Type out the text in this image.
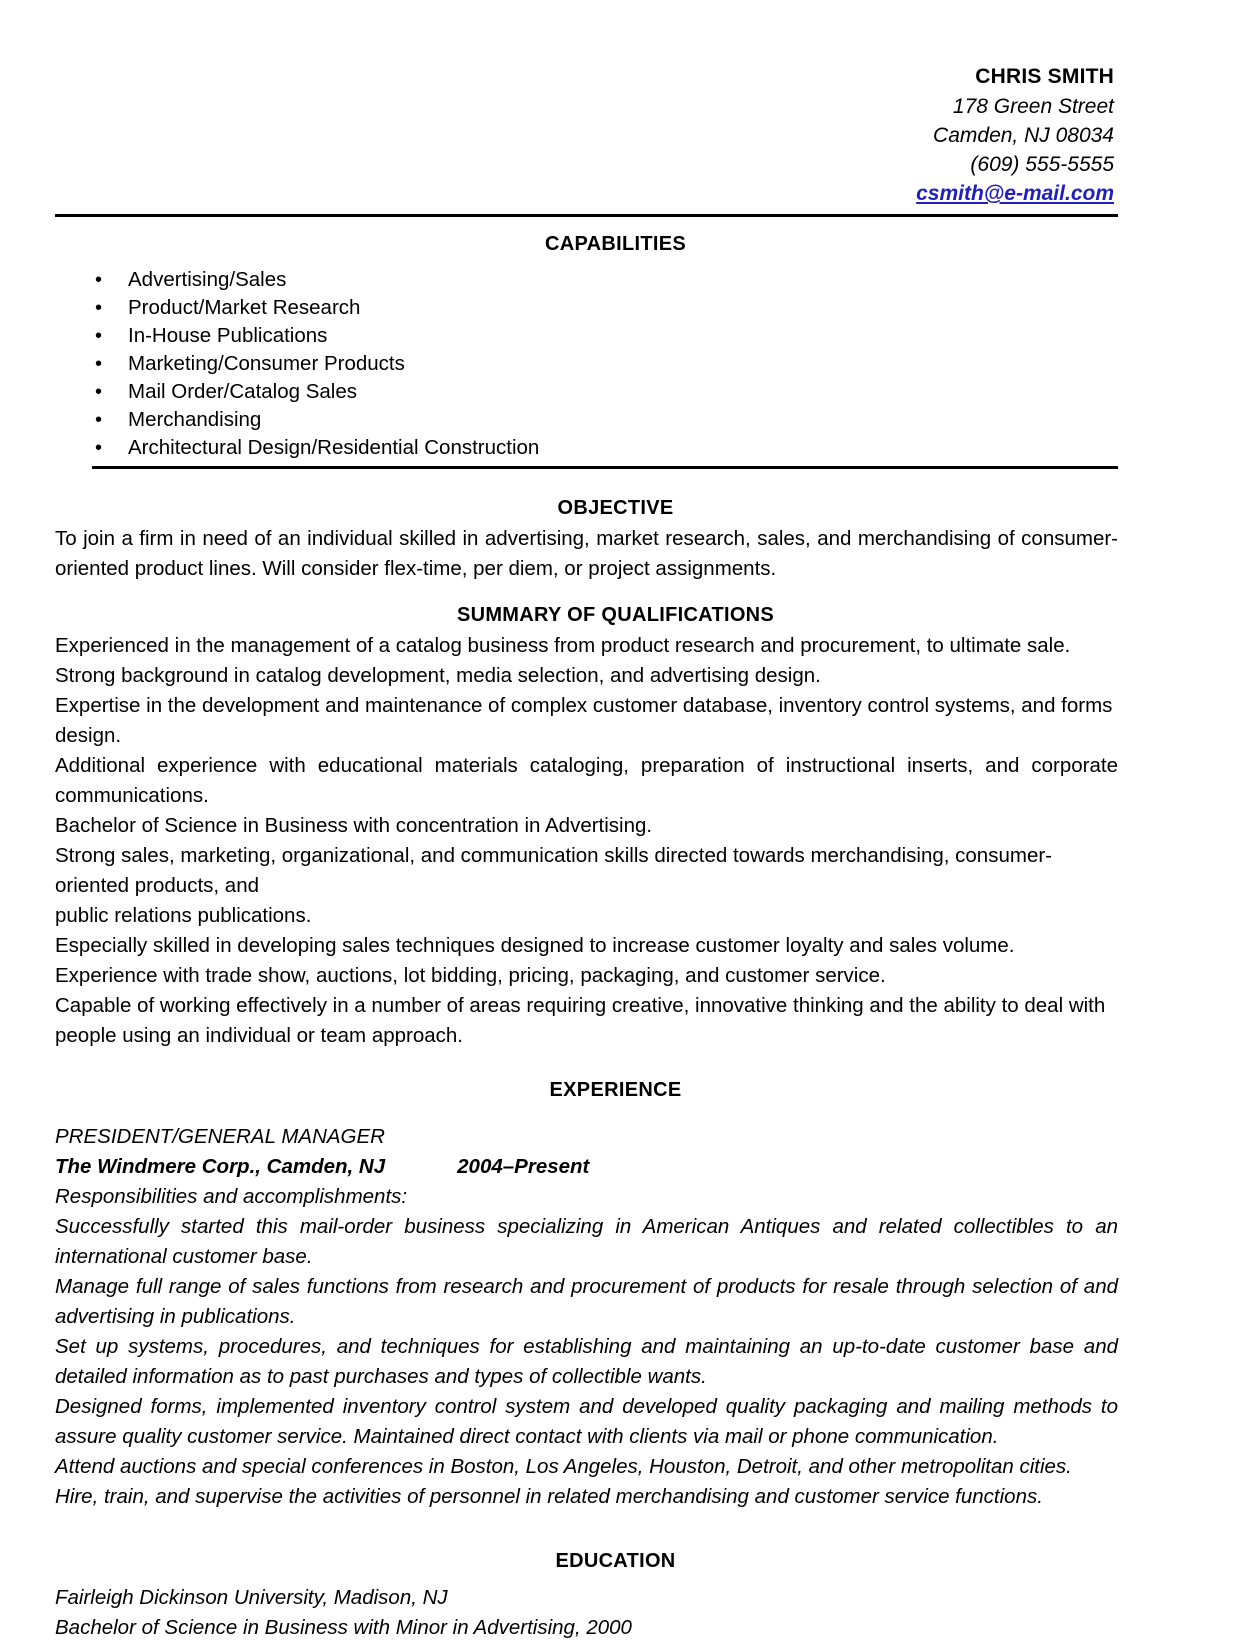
CHRIS SMITH
178 Green Street
Camden, NJ 08034
(609) 555-5555
csmith@e-mail.com
CAPABILITIES
• Advertising/Sales
• Product/Market Research
• In-House Publications
• Marketing/Consumer Products
• Mail Order/Catalog Sales
• Merchandising
• Architectural Design/Residential Construction
OBJECTIVE

To join a firm in need of an individual skilled in advertising, market research, sales, and merchandising of consumer-oriented product lines. Will consider flex-time, per diem, or project assignments.

SUMMARY OF QUALIFICATIONS

Experienced in the management of a catalog business from product research and procurement, to ultimate sale.

Strong background in catalog development, media selection, and advertising design.

Expertise in the development and maintenance of complex customer database, inventory control systems, and forms design.

Additional experience with educational materials cataloging, preparation of instructional inserts, and corporate communications.

Bachelor of Science in Business with concentration in Advertising.

Strong sales, marketing, organizational, and communication skills directed towards merchandising, consumer-oriented products, and

public relations publications.

Especially skilled in developing sales techniques designed to increase customer loyalty and sales volume.

Experience with trade show, auctions, lot bidding, pricing, packaging, and customer service.

Capable of working effectively in a number of areas requiring creative, innovative thinking and the ability to deal with people using an individual or team approach.

EXPERIENCE

PRESIDENT/GENERAL MANAGER

The Windmere Corp., Camden, NJ	2004–Present

Responsibilities and accomplishments:

Successfully started this mail-order business specializing in American Antiques and related collectibles to an international customer base.

Manage full range of sales functions from research and procurement of products for resale through selection of and advertising in publications.

Set up systems, procedures, and techniques for establishing and maintaining an up-to-date customer base and detailed information as to past purchases and types of collectible wants.

Designed forms, implemented inventory control system and developed quality packaging and mailing methods to assure quality customer service. Maintained direct contact with clients via mail or phone communication.

Attend auctions and special conferences in Boston, Los Angeles, Houston, Detroit, and other metropolitan cities.

Hire, train, and supervise the activities of personnel in related merchandising and customer service functions.

EDUCATION

Fairleigh Dickinson University, Madison, NJ

Bachelor of Science in Business with Minor in Advertising, 2000
